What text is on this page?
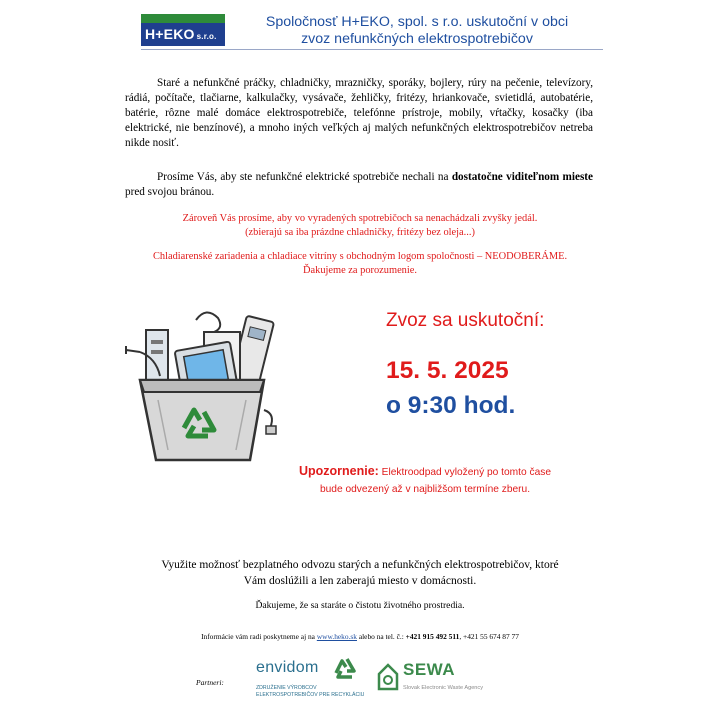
H+EKO s.r.o.
Spoločnosť H+EKO, spol. s r.o. uskutoční v obci
zvoz nefunkčných elektrospotrebičov
Staré a nefunkčné práčky, chladničky, mrazničky, sporáky, bojlery, rúry na pečenie, televízory, rádiá, počítače, tlačiarne, kalkulačky, vysávače, žehličky, fritézy, hriankovače, svietidlá, autobatérie, batérie, rôzne malé domáce elektrospotrebiče, telefónne prístroje, mobily, vŕtačky, kosačky (iba elektrické, nie benzínové), a mnoho iných veľkých aj malých nefunkčných elektrospotrebičov netreba nikde nosiť.
Prosíme Vás, aby ste nefunkčné elektrické spotrebiče nechali na dostatočne viditeľnom mieste pred svojou bránou.
Zároveň Vás prosíme, aby vo vyradených spotrebičoch sa nenachádzali zvyšky jedál.
(zbierajú sa iba prázdne chladničky, fritézy bez oleja...)
Chladiarenské zariadenia a chladiace vitríny s obchodným logom spoločnosti – NEODOBERÁME.
Ďakujeme za porozumenie.
Zvoz sa uskutoční:
15. 5. 2025
o 9:30 hod.
Upozornenie: Elektroodpad vyložený po tomto čase
bude odvezený až v najbližšom termíne zberu.
Využite možnosť bezplatného odvozu starých a nefunkčných elektrospotrebičov, ktoré
Vám doslúžili a len zaberajú miesto v domácnosti.
Ďakujeme, že sa staráte o čistotu životného prostredia.
Informácie vám radi poskytneme aj na www.heko.sk alebo na tel. č.: +421 915 492 511, +421 55 674 87 77
Partneri:
envidom
ZDRUŽENIE VÝROBCOV
ELEKTROSPOTREBIČOV PRE RECYKLÁCIU
SEWA
Slovak Electronic Waste Agency
